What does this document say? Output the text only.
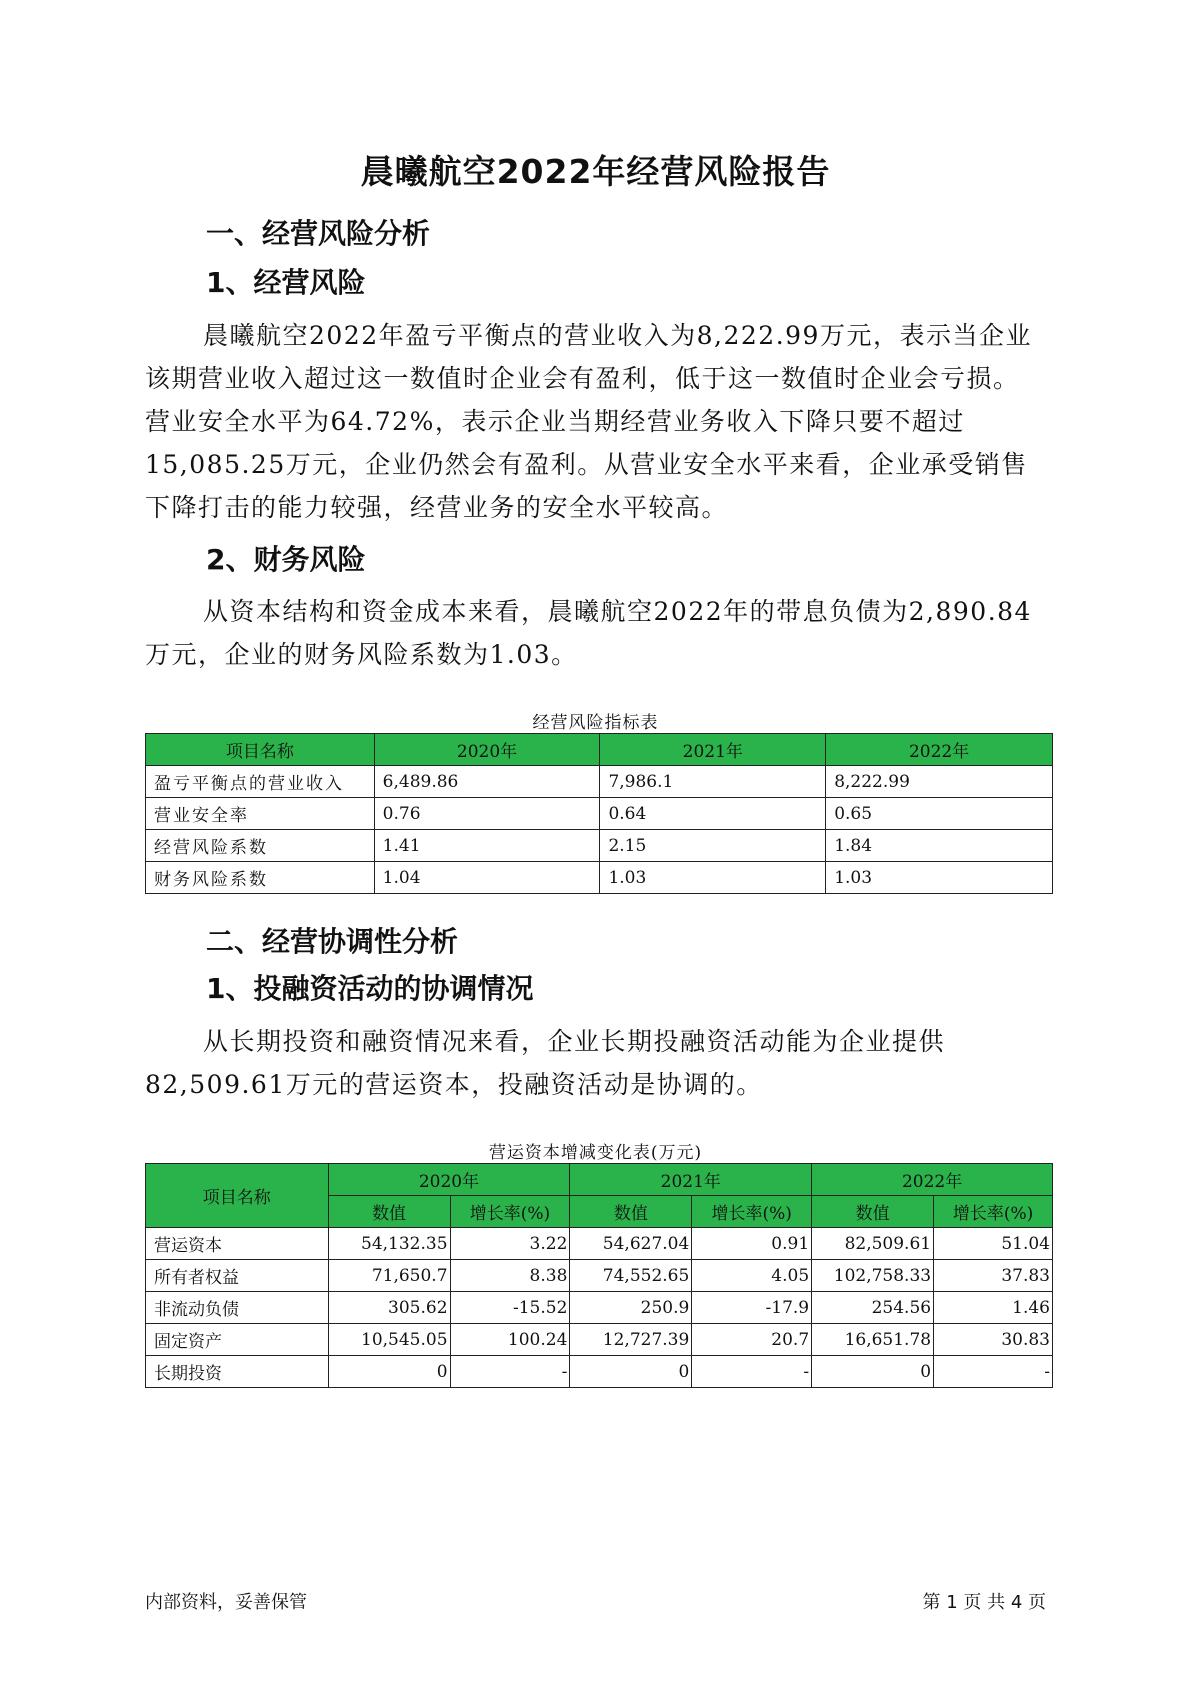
晨曦航空2022年经营风险报告
一、经营风险分析
1、经营风险
晨曦航空2022年盈亏平衡点的营业收入为8,222.99万元，表示当企业
该期营业收入超过这一数值时企业会有盈利，低于这一数值时企业会亏损。
营业安全水平为64.72%，表示企业当期经营业务收入下降只要不超过
15,085.25万元，企业仍然会有盈利。从营业安全水平来看，企业承受销售
下降打击的能力较强，经营业务的安全水平较高。
2、财务风险
从资本结构和资金成本来看，晨曦航空2022年的带息负债为2,890.84
万元，企业的财务风险系数为1.03。
经营风险指标表
项目名称	2020年	2021年	2022年
盈亏平衡点的营业收入	6,489.86	7,986.1	8,222.99
营业安全率	0.76	0.64	0.65
经营风险系数	1.41	2.15	1.84
财务风险系数	1.04	1.03	1.03
二、经营协调性分析
1、投融资活动的协调情况
从长期投资和融资情况来看，企业长期投融资活动能为企业提供
82,509.61万元的营运资本，投融资活动是协调的。
营运资本增减变化表(万元)
项目名称	2020年		2021年		2022年	
	数值	增长率(%)	数值	增长率(%)	数值	增长率(%)
营运资本	54,132.35	3.22	54,627.04	0.91	82,509.61	51.04
所有者权益	71,650.7	8.38	74,552.65	4.05	102,758.33	37.83
非流动负债	305.62	-15.52	250.9	-17.9	254.56	1.46
固定资产	10,545.05	100.24	12,727.39	20.7	16,651.78	30.83
长期投资	0	-	0	-	0	-
内部资料，妥善保管	第 1 页 共 4 页
